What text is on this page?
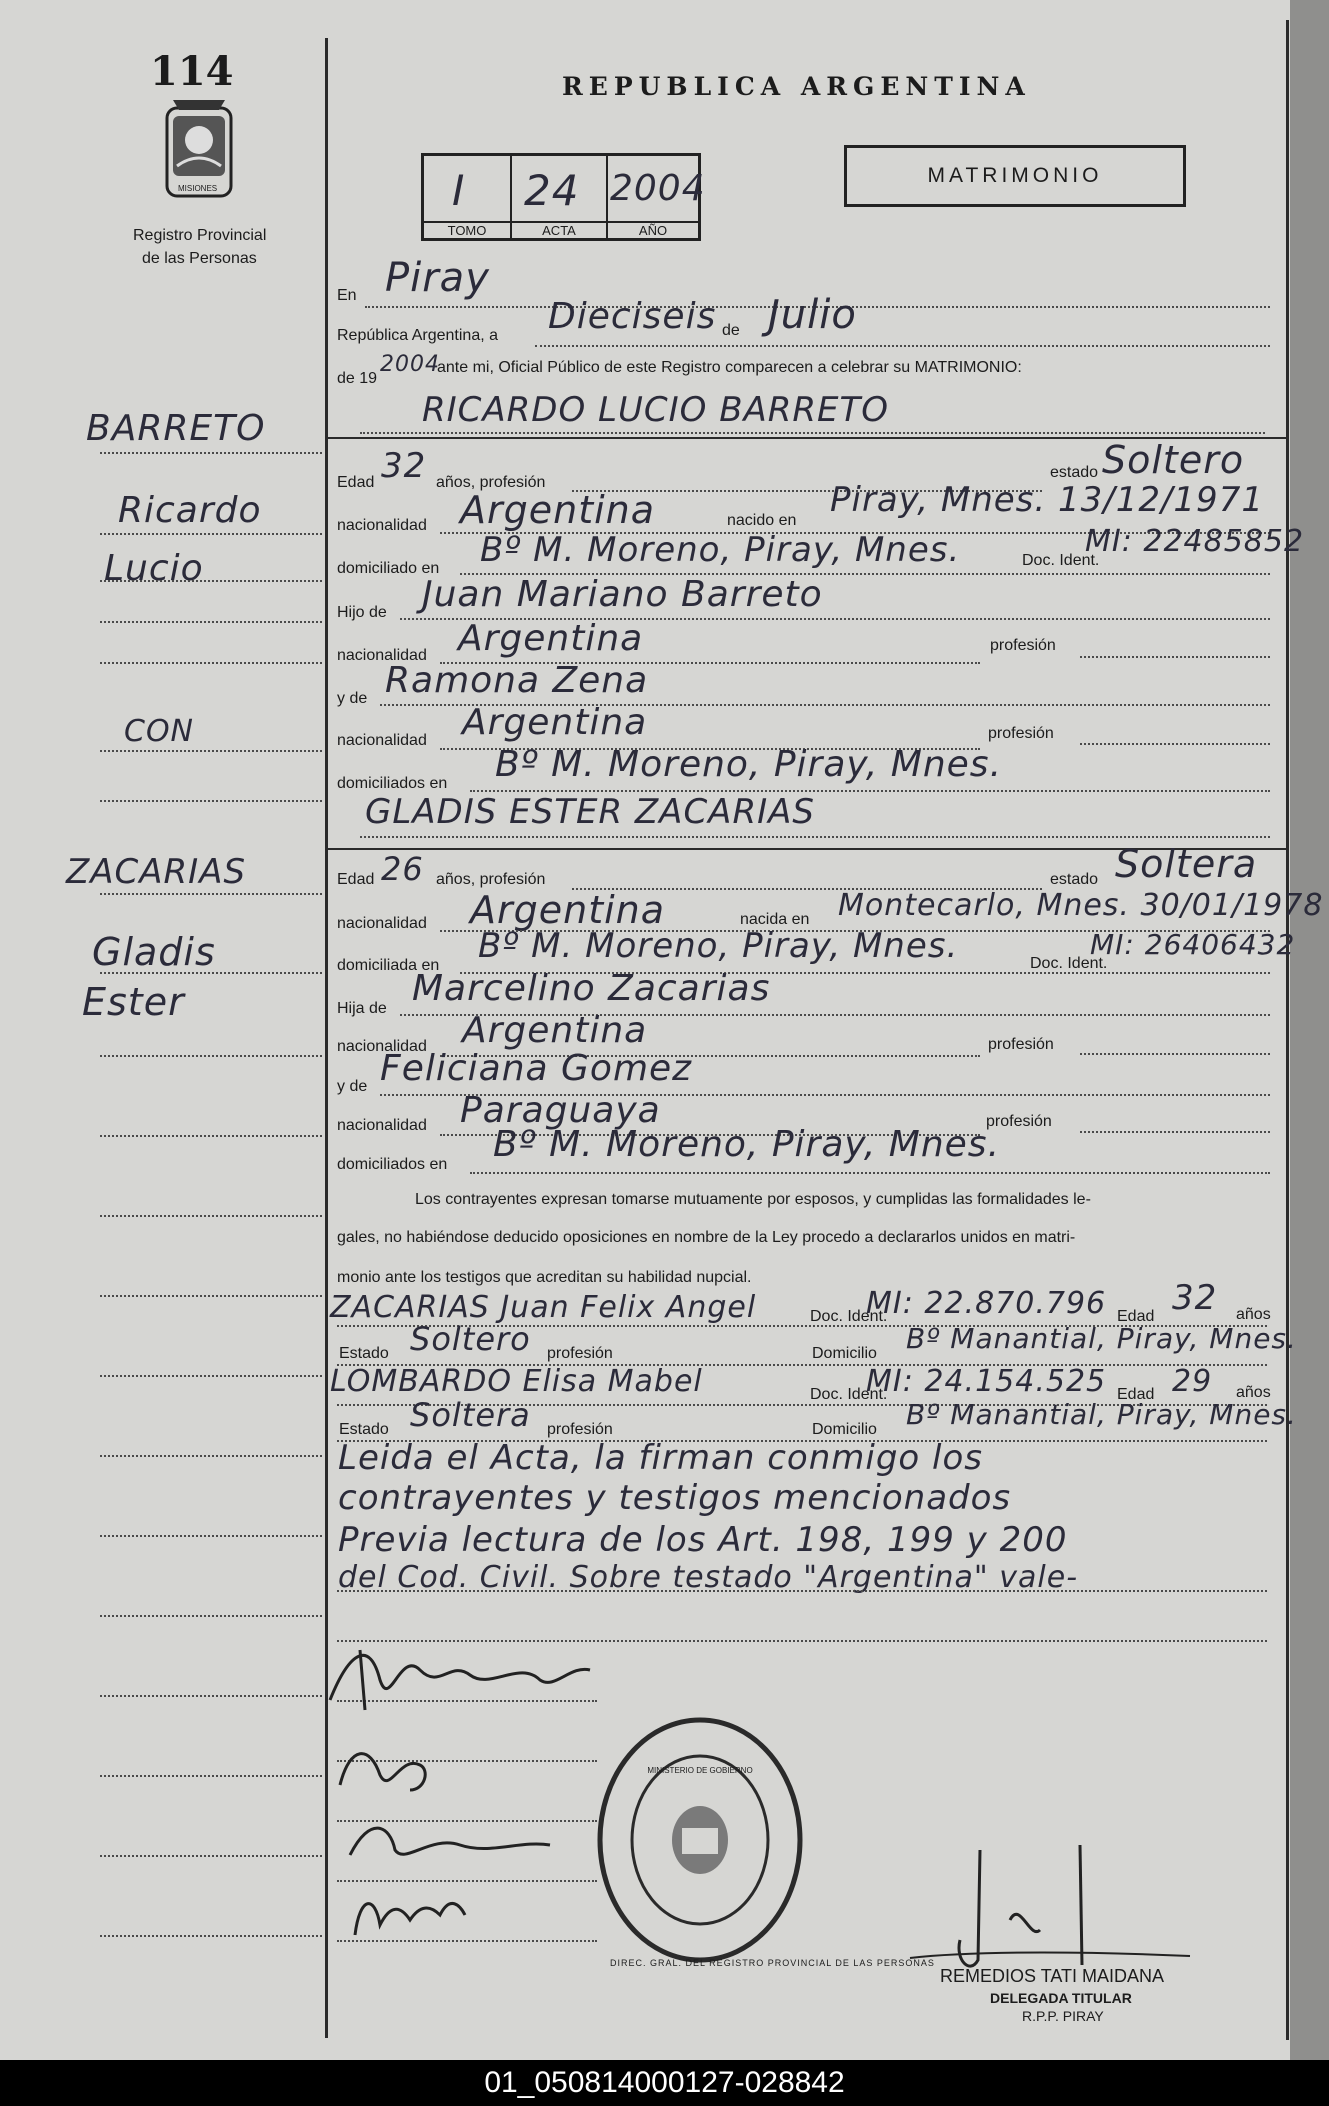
114
MISIONES
Registro Provincial
de las Personas
BARRETO
Ricardo
Lucio
CON
ZACARIAS
Gladis
Ester
REPUBLICA ARGENTINA
MATRIMONIO
I
TOMO
24
ACTA
2004
AÑO
En Piray
República Argentina, a Dieciseis de Julio
de 19
2004
ante mi, Oficial Público de este Registro comparecen a celebrar su MATRIMONIO:
RICARDO LUCIO BARRETO
Edad 32 años, profesión
estado Soltero
nacionalidad Argentina	nacido en
Piray, Mnes. 13/12/1971
domiciliado en Bº M. Moreno, Piray, Mnes.	Doc. Ident.
MI: 22485852
Hijo de Juan Mariano Barreto
nacionalidad Argentina	profesión
y de Ramona Zena
nacionalidad Argentina	profesión
domiciliados en Bº M. Moreno, Piray, Mnes.
GLADIS ESTER ZACARIAS
Edad 26 años, profesión	estado Soltera
nacionalidad Argentina	nacida en Montecarlo, Mnes. 30/01/1978
domiciliada en Bº M. Moreno, Piray, Mnes.	Doc. Ident.
MI: 26406432
Hija de Marcelino Zacarias
nacionalidad Argentina	profesión
y de Feliciana Gomez
nacionalidad Paraguaya	profesión
domiciliados en Bº M. Moreno, Piray, Mnes.
Los contrayentes expresan tomarse mutuamente por esposos, y cumplidas las formalidades le-
gales, no habiéndose deducido oposiciones en nombre de la Ley procedo a declararlos unidos en matri-
monio ante los testigos que acreditan su habilidad nupcial.
ZACARIAS Juan Felix Angel	Doc. Ident.
MI: 22.870.796 Edad 32 años
Estado Soltero profesión	Domicilio Bº Manantial, Piray, Mnes.
LOMBARDO Elisa Mabel	Doc. Ident.
MI: 24.154.525 Edad 29 años
Estado Soltera profesión	Domicilio Bº Manantial, Piray, Mnes.
Leida el Acta, la firman conmigo los
contrayentes y testigos mencionados
Previa lectura de los Art. 198, 199 y 200
del Cod. Civil. Sobre testado "Argentina" vale-
DIREC. GRAL. DEL REGISTRO PROVINCIAL DE LAS PERSONAS
MINISTERIO DE GOBIERNO
REMEDIOS TATI MAIDANA
DELEGADA TITULAR
R.P.P. PIRAY
01_050814000127-028842
